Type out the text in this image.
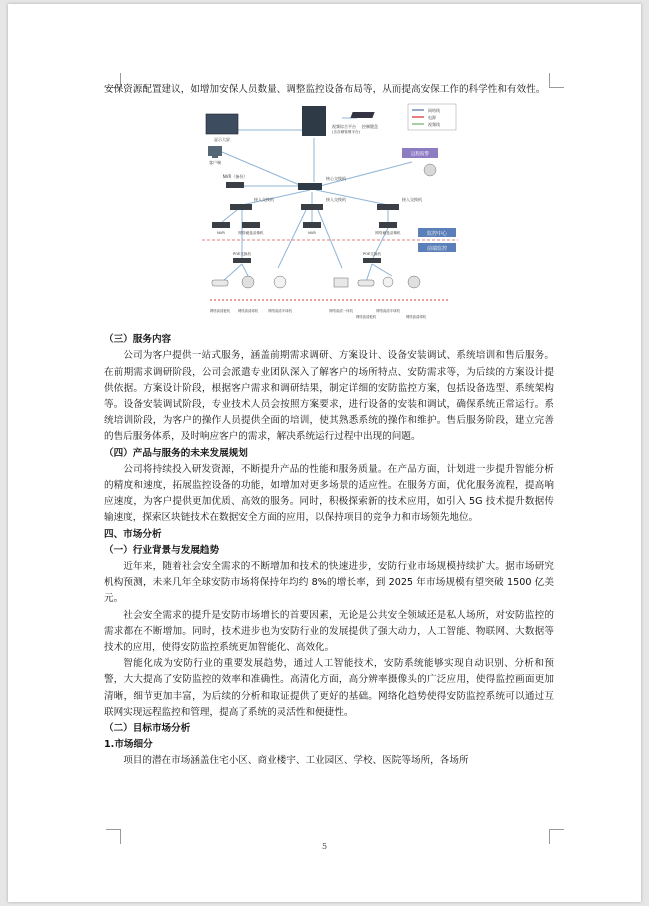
安保资源配置建议，如增加安保人员数量、调整监控设备布局等，从而提高安保工作的科学性和有效性。

监控中心
前端监控
网络线
电源
视频线
显示大屏
客户端
视频综合平台
(含存储管理平台)
控制键盘
NVR（备份）	核心交换机
远程报警
接入交换机	接入交换机	接入交换机
NVR	网络硬盘录像机	NVR	网络硬盘录像机
POE交换机	POE交换机
网络高清枪机 网络高清球机	网络高清半球机	网络高清一体机
网络高清枪机
网络高清半球机
网络高清球机

（三）服务内容

公司为客户提供一站式服务，涵盖前期需求调研、方案设计、设备安装调试、系统培训和售后服务。在前期需求调研阶段，公司会派遣专业团队深入了解客户的场所特点、安防需求等，为后续的方案设计提供依据。方案设计阶段，根据客户需求和调研结果，制定详细的安防监控方案，包括设备选型、系统架构等。设备安装调试阶段，专业技术人员会按照方案要求，进行设备的安装和调试，确保系统正常运行。系统培训阶段，为客户的操作人员提供全面的培训，使其熟悉系统的操作和维护。售后服务阶段，建立完善的售后服务体系，及时响应客户的需求，解决系统运行过程中出现的问题。

（四）产品与服务的未来发展规划

公司将持续投入研发资源，不断提升产品的性能和服务质量。在产品方面，计划进一步提升智能分析的精度和速度，拓展监控设备的功能，如增加对更多场景的适应性。在服务方面，优化服务流程，提高响应速度，为客户提供更加优质、高效的服务。同时，积极探索新的技术应用，如引入 5G 技术提升数据传输速度，探索区块链技术在数据安全方面的应用，以保持项目的竞争力和市场领先地位。

四、市场分析

（一）行业背景与发展趋势

近年来，随着社会安全需求的不断增加和技术的快速进步，安防行业市场规模持续扩大。据市场研究机构预测，未来几年全球安防市场将保持年均约 8%的增长率，到 2025 年市场规模有望突破 1500 亿美元。

社会安全需求的提升是安防市场增长的首要因素，无论是公共安全领域还是私人场所，对安防监控的需求都在不断增加。同时，技术进步也为安防行业的发展提供了强大动力，人工智能、物联网、大数据等技术的应用，使得安防监控系统更加智能化、高效化。

智能化成为安防行业的重要发展趋势，通过人工智能技术，安防系统能够实现自动识别、分析和预警，大大提高了安防监控的效率和准确性。高清化方面，高分辨率摄像头的广泛应用，使得监控画面更加清晰，细节更加丰富，为后续的分析和取证提供了更好的基础。网络化趋势使得安防监控系统可以通过互联网实现远程监控和管理，提高了系统的灵活性和便捷性。

（二）目标市场分析

1.市场细分

项目的潜在市场涵盖住宅小区、商业楼宇、工业园区、学校、医院等场所，各场所

5
